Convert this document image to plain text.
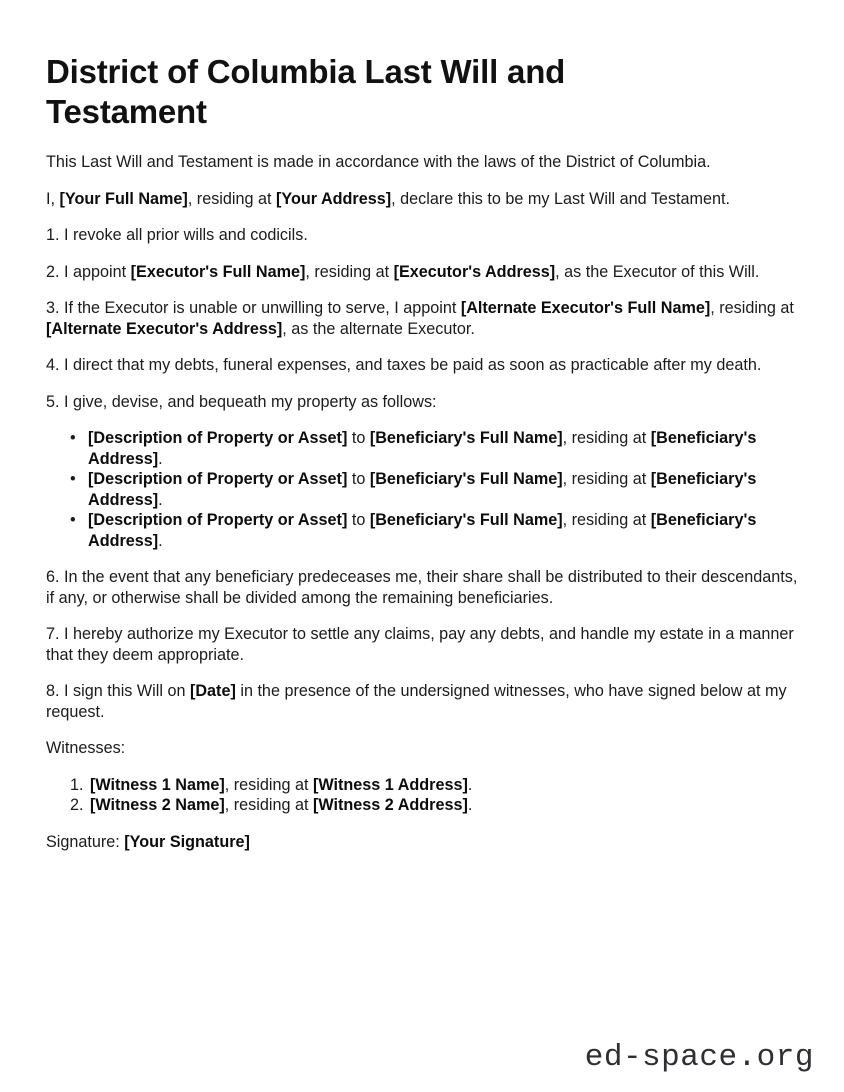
District of Columbia Last Will and Testament

This Last Will and Testament is made in accordance with the laws of the District of Columbia.

I, [Your Full Name], residing at [Your Address], declare this to be my Last Will and Testament.

1. I revoke all prior wills and codicils.

2. I appoint [Executor's Full Name], residing at [Executor's Address], as the Executor of this Will.

3. If the Executor is unable or unwilling to serve, I appoint [Alternate Executor's Full Name], residing at [Alternate Executor's Address], as the alternate Executor.

4. I direct that my debts, funeral expenses, and taxes be paid as soon as practicable after my death.

5. I give, devise, and bequeath my property as follows:

• [Description of Property or Asset] to [Beneficiary's Full Name], residing at [Beneficiary's Address].
• [Description of Property or Asset] to [Beneficiary's Full Name], residing at [Beneficiary's Address].
• [Description of Property or Asset] to [Beneficiary's Full Name], residing at [Beneficiary's Address].

6. In the event that any beneficiary predeceases me, their share shall be distributed to their descendants, if any, or otherwise shall be divided among the remaining beneficiaries.

7. I hereby authorize my Executor to settle any claims, pay any debts, and handle my estate in a manner that they deem appropriate.

8. I sign this Will on [Date] in the presence of the undersigned witnesses, who have signed below at my request.

Witnesses:

1. [Witness 1 Name], residing at [Witness 1 Address].
2. [Witness 2 Name], residing at [Witness 2 Address].

Signature: [Your Signature]

ed-space.org
